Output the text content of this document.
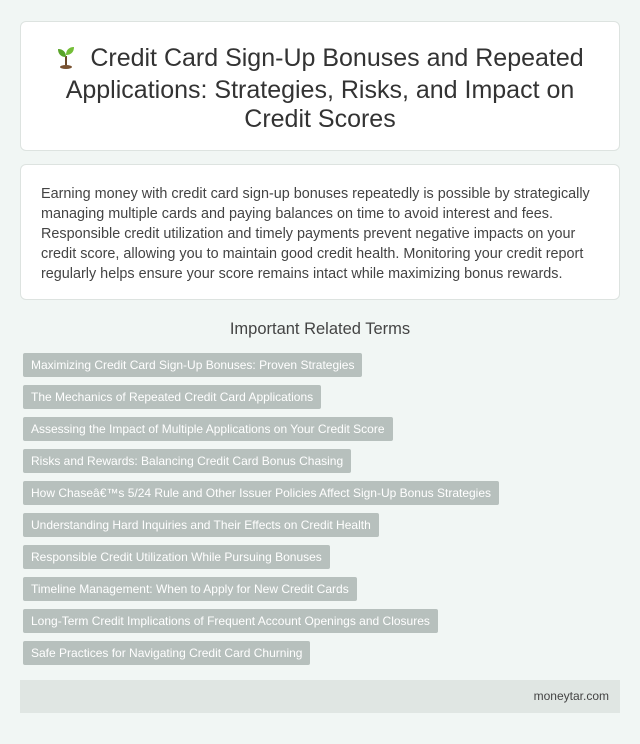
Credit Card Sign-Up Bonuses and Repeated Applications: Strategies, Risks, and Impact on Credit Scores

Earning money with credit card sign-up bonuses repeatedly is possible by strategically managing multiple cards and paying balances on time to avoid interest and fees. Responsible credit utilization and timely payments prevent negative impacts on your credit score, allowing you to maintain good credit health. Monitoring your credit report regularly helps ensure your score remains intact while maximizing bonus rewards.

Important Related Terms
Maximizing Credit Card Sign-Up Bonuses: Proven Strategies
The Mechanics of Repeated Credit Card Applications
Assessing the Impact of Multiple Applications on Your Credit Score
Risks and Rewards: Balancing Credit Card Bonus Chasing
How Chaseâ€™s 5/24 Rule and Other Issuer Policies Affect Sign-Up Bonus Strategies
Understanding Hard Inquiries and Their Effects on Credit Health
Responsible Credit Utilization While Pursuing Bonuses
Timeline Management: When to Apply for New Credit Cards
Long-Term Credit Implications of Frequent Account Openings and Closures
Safe Practices for Navigating Credit Card Churning
moneytar.com
